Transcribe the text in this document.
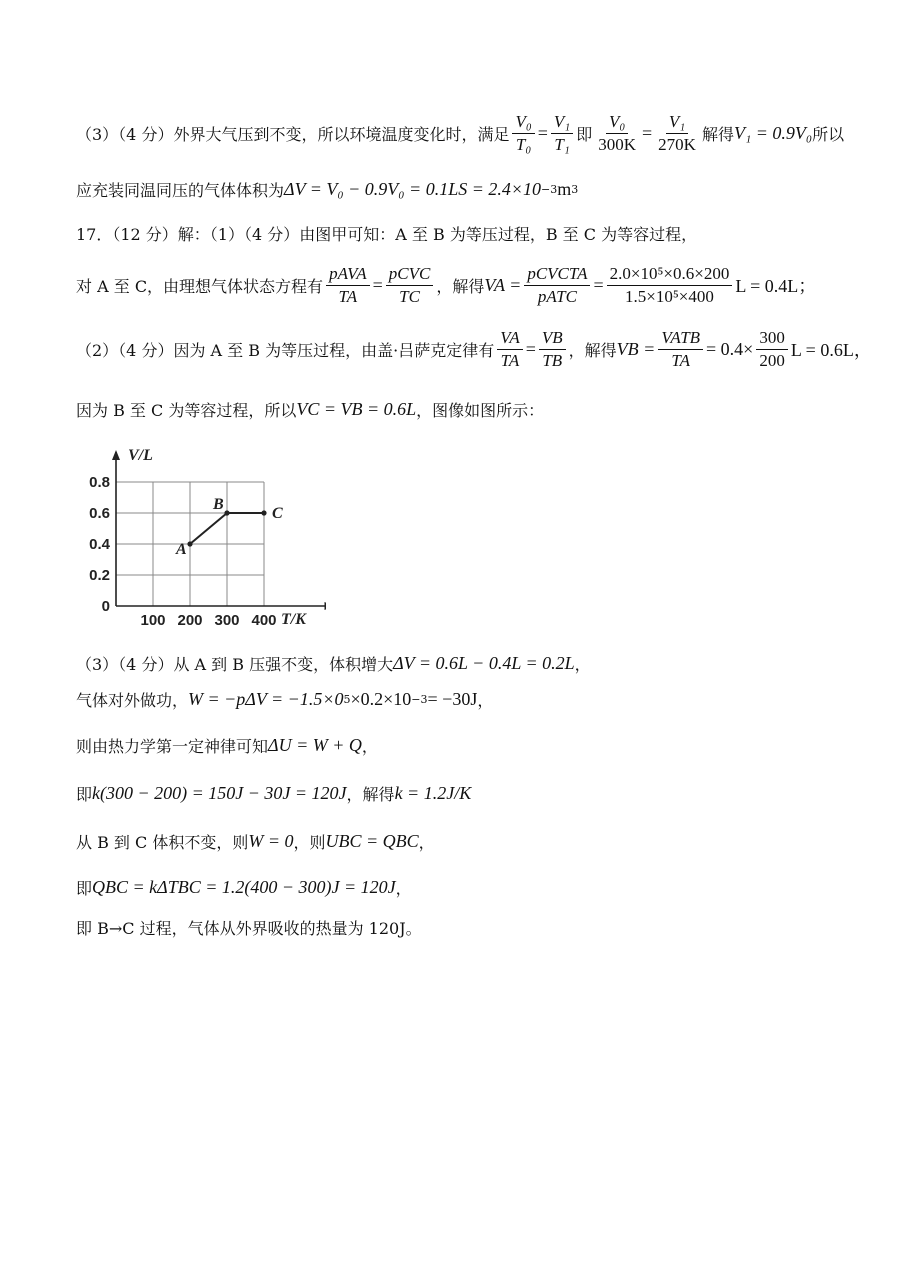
（3）（4 分）外界大气压到不变，所以环境温度变化时，满足 $\frac{\text{V₀}}{\text{T₀}} = \frac{\text{V₁}}{\text{T₁}}$ 即 $\frac{\text{V₀}}{300K} = \frac{\text{V₁}}{270K}$ 解得 V₁ = 0.9V₀ 所以
应充装同温同压的气体体积为 ΔV = V₀ − 0.9V₀ = 0.1LS = 2.4×10 −3 m 3
17．（12 分）解：（1）（4 分）由图甲可知：A 至 B 为等压过程，B 至 C 为等容过程，
对 A 至 C，由理想气体状态方程有 $\frac{\text{pAVA}}{TA} = \frac{\text{pCVC}}{TC}$ ，解得 VA = $\frac{\text{pCVCTA}}{\text{pATC}} = \frac{\text{2.0×10⁵×0.6×200}}{\text{1.5×10⁵×400}}$ L = 0.4L；
（2）（4 分）因为 A 至 B 为等压过程，由盖·吕萨克定律有 $\frac{VA}{TA} = \frac{VB}{TB}$ ，解得 VB = $\frac{\text{VATB}}{TA} = 0.4\times \frac{300}{200}$ L = 0.6L，
因为 B 至 C 为等容过程，所以 VC = VB = 0.6L ，图像如图所示：
100 200 300 400
0
0.2
0.4
0.6
0.8
A
B
C
V/L
T/K
（3）（4 分）从 A 到 B 压强不变，体积增大 ΔV = 0.6L − 0.4L = 0.2L ，
气体对外做功， W = −pΔV = −1.5×0 5 ×0.2×10 −3 = −30J ，
则由热力学第一定神律可知 ΔU = W + Q ，
即 k(300 − 200) = 150J − 30J = 120J ，解得 k = 1.2J/K
从 B 到 C 体积不变，则 W = 0 ，则 UBC = QBC ，
即 QBC = kΔTBC = 1.2(400 − 300)J = 120J ，
即 B→C 过程，气体从外界吸收的热量为 120J。
